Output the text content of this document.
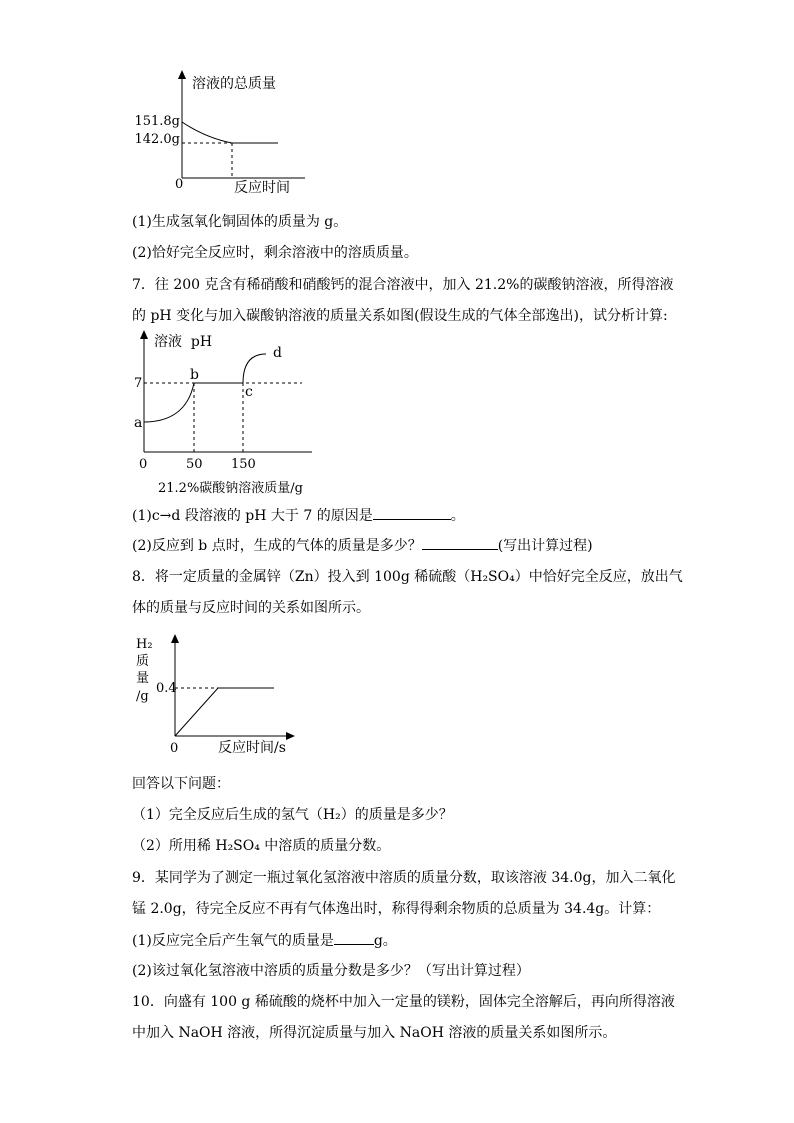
溶液的总质量
151.8g
142.0g
0	反应时间
(1)生成氢氧化铜固体的质量为 g。
(2)恰好完全反应时，剩余溶液中的溶质质量。
7．往 200 克含有稀硝酸和硝酸钙的混合溶液中，加入 21.2%的碳酸钠溶液，所得溶液
的 pH 变化与加入碳酸钠溶液的质量关系如图(假设生成的气体全部逸出)，试分析计算:
溶液  pH
7
a
b
c
d
0	50 150
21.2%碳酸钠溶液质量/g
(1)c→d 段溶液的 pH 大于 7 的原因是	。
(2)反应到 b 点时，生成的气体的质量是多少？	(写出计算过程)
8．将一定质量的金属锌（Zn）投入到 100g 稀硫酸（H₂SO₄）中恰好完全反应，放出气
体的质量与反应时间的关系如图所示。
H₂
质
量
/g
0.4
0	反应时间/s
回答以下问题：
（1）完全反应后生成的氢气（H₂）的质量是多少？
（2）所用稀 H₂SO₄ 中溶质的质量分数。
9．某同学为了测定一瓶过氧化氢溶液中溶质的质量分数，取该溶液 34.0g，加入二氧化
锰 2.0g，待完全反应不再有气体逸出时，称得得剩余物质的总质量为 34.4g。计算：
(1)反应完全后产生氧气的质量是	g。
(2)该过氧化氢溶液中溶质的质量分数是多少？（写出计算过程）
10．向盛有 100 g 稀硫酸的烧杯中加入一定量的镁粉，固体完全溶解后，再向所得溶液
中加入 NaOH 溶液，所得沉淀质量与加入 NaOH 溶液的质量关系如图所示。
